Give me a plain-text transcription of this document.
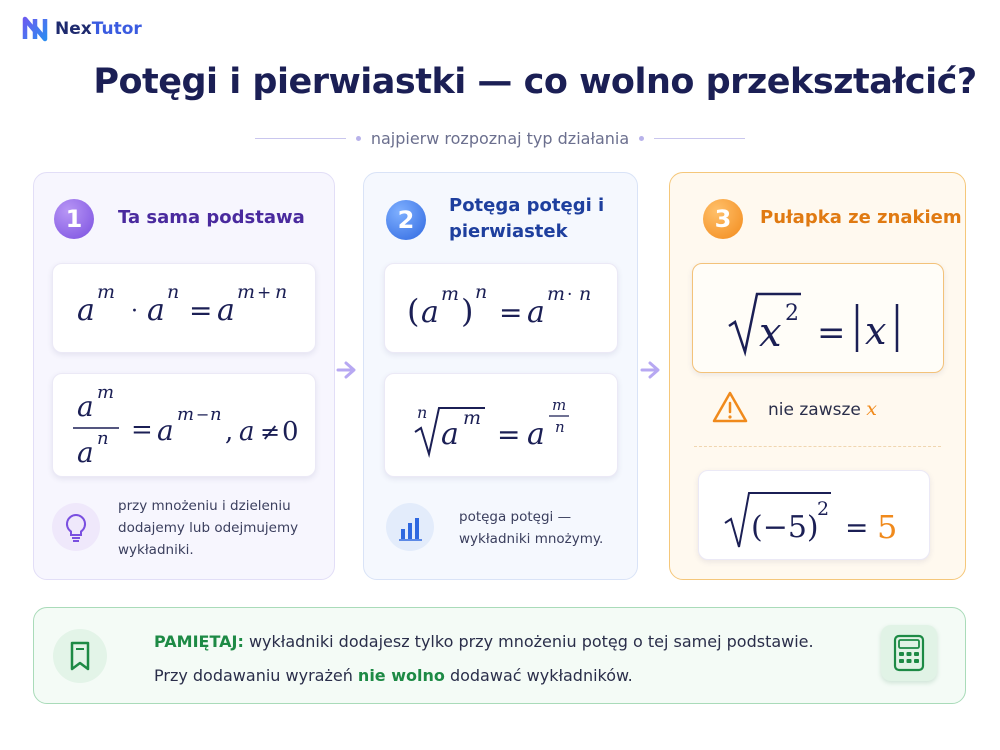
NexTutor
Potęgi i pierwiastki — co wolno przekształcić?
najpierw rozpoznaj typ działania
1	Ta sama podstawa
a
m
· a
n
= a
m + n
a m
a n = a m − n
, a ≠ 0
przy mnożeniu i dzieleniu dodajemy lub odejmujemy wykładniki.
2
Potęga potęgi i pierwiastek
( a
m ) n
= a
m · n
n
a m = a
m
n
potęga potęgi — wykładniki mnożymy.
3	Pułapka ze znakiem
x 2 = x
nie zawsze x
(−5)
2
= 5
PAMIĘTAJ: wykładniki dodajesz tylko przy mnożeniu potęg o tej samej podstawie.
Przy dodawaniu wyrażeń nie wolno dodawać wykładników.
